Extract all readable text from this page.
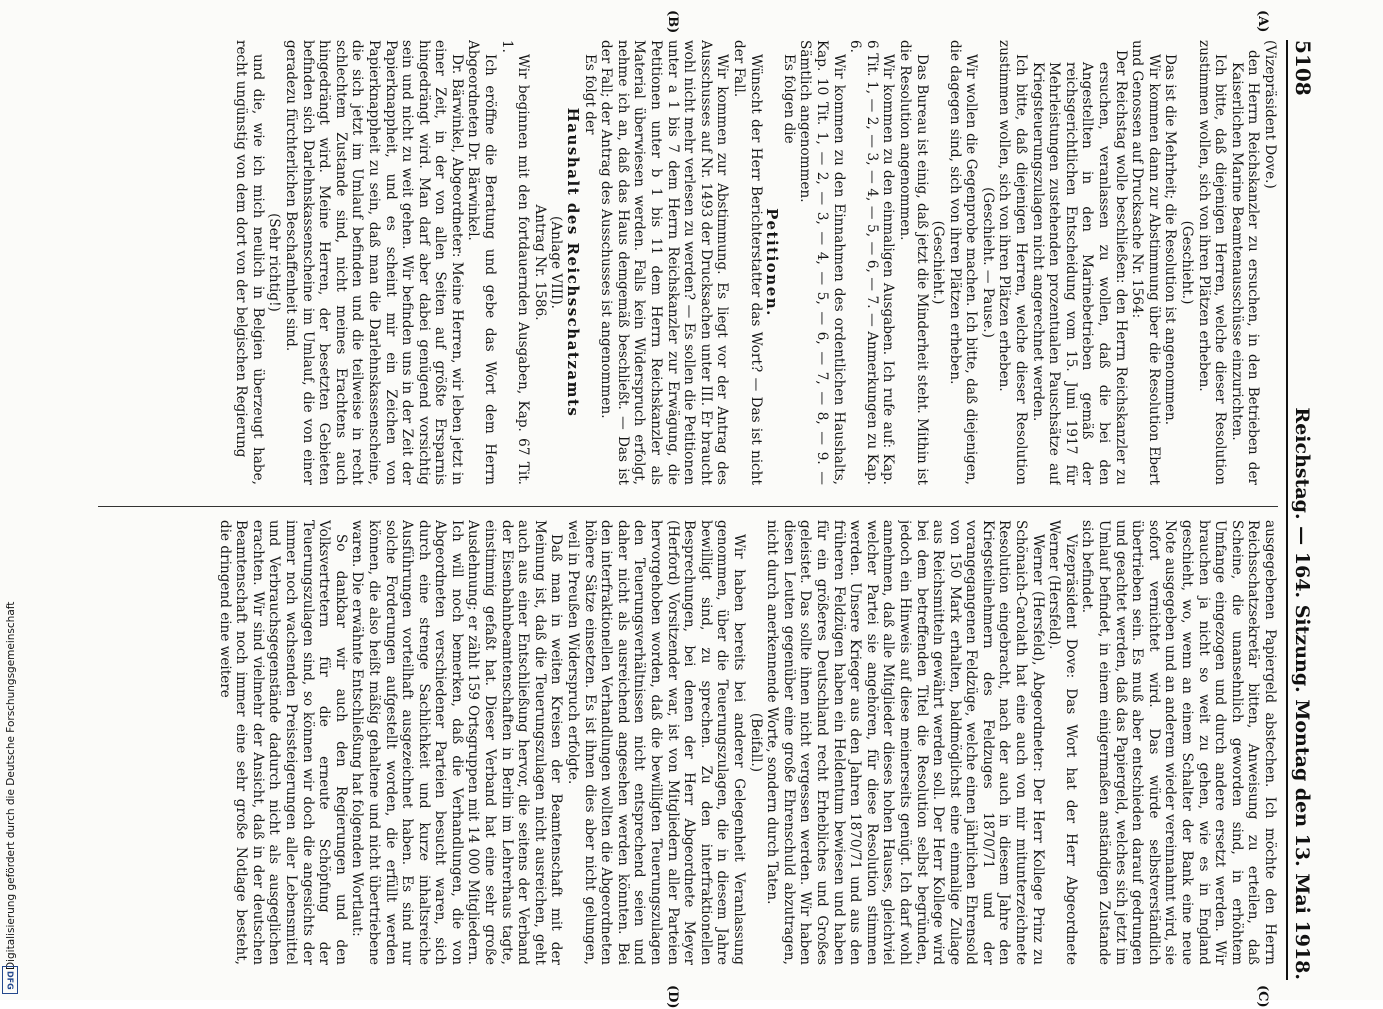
5108
Reichstag. — 164. Sitzung. Montag den 13. Mai 1918.
(A)
(B)
(C)
(D)

(Vizepräsident Dove.)

den Herrn Reichskanzler zu ersuchen, in den Betrieben der Kaiserlichen Marine Beamtenausschüsse einzurichten.

Ich bitte, daß diejenigen Herren, welche dieser Resolution zustimmen wollen, sich von ihren Plätzen erheben.

(Geschieht.)

Das ist die Mehrheit; die Resolution ist angenommen.

Wir kommen dann zur Abstimmung über die Resolution Ebert und Genossen auf Drucksache Nr. 1564:

Der Reichstag wolle beschließen: den Herrn Reichskanzler zu ersuchen, veranlassen zu wollen, daß die bei den Angestellten in den Marinebetrieben gemäß der reichsgerichtlichen Entscheidung vom 15. Juni 1917 für Mehrleistungen zustehenden prozentualen Pauschsätze auf Kriegsteuerungszulagen nicht angerechnet werden.

Ich bitte, daß diejenigen Herren, welche dieser Resolution zustimmen wollen, sich von ihren Plätzen erheben.

(Geschieht. — Pause.)

Wir wollen die Gegenprobe machen. Ich bitte, daß diejenigen, die dagegen sind, sich von ihren Plätzen erheben.

(Geschieht.)

Das Bureau ist einig, daß jetzt die Minderheit steht. Mithin ist die Resolution angenommen.

Wir kommen zu den einmaligen Ausgaben. Ich rufe auf: Kap. 6 Tit. 1, — 2, — 3, — 4, — 5, — 6, — 7. — Anmerkungen zu Kap. 6.

Wir kommen zu den Einnahmen des ordentlichen Haushalts, Kap. 10 Tit. 1, — 2, — 3, — 4, — 5, — 6, — 7, — 8, — 9. — Sämtlich angenommen.

Es folgen die

Petitionen.

Wünscht der Herr Berichterstatter das Wort? — Das ist nicht der Fall.

Wir kommen zur Abstimmung. Es liegt vor der Antrag des Ausschusses auf Nr. 1493 der Drucksachen unter III. Er braucht wohl nicht mehr verlesen zu werden? — Es sollen die Petitionen unter a 1 bis 7 dem Herrn Reichskanzler zur Erwägung, die Petitionen unter b 1 bis 11 dem Herrn Reichskanzler als Material überwiesen werden. Falls kein Widerspruch erfolgt, nehme ich an, daß das Haus demgemäß beschließt. — Das ist der Fall; der Antrag des Ausschusses ist angenommen.

Es folgt der

Haushalt des Reichsschatzamts

(Anlage VIII).

Antrag Nr. 1586.

Wir beginnen mit den fortdauernden Ausgaben, Kap. 67 Tit. 1.

Ich eröffne die Beratung und gebe das Wort dem Herrn Abgeordneten Dr. Bärwinkel.

Dr. Bärwinkel, Abgeordneter: Meine Herren, wir leben jetzt in einer Zeit, in der von allen Seiten auf größte Ersparnis hingedrängt wird. Man darf aber dabei genügend vorsichtig sein und nicht zu weit gehen. Wir befinden uns in der Zeit der Papierknappheit, und es scheint mir ein Zeichen von Papierknappheit zu sein, daß man die Darlehnskassenscheine, die sich jetzt im Umlauf befinden und die teilweise in recht schlechtem Zustande sind, nicht meines Erachtens auch hingedrängt wird. Meine Herren, der besetzten Gebieten befinden sich Darlehnskassenscheine im Umlauf, die von einer geradezu fürchterlichen Beschaffenheit sind.

(Sehr richtig!)

und die, wie ich mich neulich in Belgien überzeugt habe, recht ungünstig von dem dort von der belgischen Regierung

ausgegebenen Papiergeld abstechen. Ich möchte den Herrn Reichsschatzsekretär bitten, Anweisung zu erteilen, daß Scheine, die unansehnlich geworden sind, in erhöhtem Umfange eingezogen und durch andere ersetzt werden. Wir brauchen ja nicht so weit zu gehen, wie es in England geschieht, wo, wenn an einem Schalter der Bank eine neue Note ausgegeben und an anderem wieder vereinnahmt wird, sie sofort vernichtet wird. Das würde selbstverständlich übertrieben sein. Es muß aber entschieden darauf gedrungen und geachtet werden, daß das Papiergeld, welches sich jetzt im Umlauf befindet, in einem einigermaßen anständigen Zustande sich befindet.

Vizepräsident Dove: Das Wort hat der Herr Abgeordnete Werner (Hersfeld).

Werner (Hersfeld), Abgeordneter: Der Herr Kollege Prinz zu Schönaich-Carolath hat eine auch von mir mitunterzeichnete Resolution eingebracht, nach der auch in diesem Jahre den Kriegsteilnehmern des Feldzuges 1870/71 und der vorangegangenen Feldzüge, welche einen jährlichen Ehrensold von 150 Mark erhalten, baldmöglichst eine einmalige Zulage aus Reichsmitteln gewährt werden soll. Der Herr Kollege wird bei dem betreffenden Titel die Resolution selbst begründen, jedoch ein Hinweis auf diese meinerseits genügt. Ich darf wohl annehmen, daß alle Mitglieder dieses hohen Hauses, gleichviel welcher Partei sie angehören, für diese Resolution stimmen werden. Unsere Krieger aus den Jahren 1870/71 und aus den früheren Feldzügen haben ein Heldentum bewiesen und haben für ein größeres Deutschland recht Erhebliches und Großes geleistet. Das sollte ihnen nicht vergessen werden. Wir haben diesen Leuten gegenüber eine große Ehrenschuld abzutragen, nicht durch anerkennende Worte, sondern durch Taten.

(Beifall.)

Wir haben bereits bei anderer Gelegenheit Veranlassung genommen, über die Teuerungszulagen, die in diesem Jahre bewilligt sind, zu sprechen. Zu den interfraktionellen Besprechungen, bei denen der Herr Abgeordnete Meyer (Herford) Vorsitzender war, ist von Mitgliedern aller Parteien hervorgehoben worden, daß die bewilligten Teuerungszulagen den Teuerungsverhältnissen nicht entsprechend seien und daher nicht als ausreichend angesehen werden könnten. Bei den interfraktionellen Verhandlungen wollten die Abgeordneten höhere Sätze einsetzen. Es ist ihnen dies aber nicht gelungen, weil in Preußen Widerspruch erfolgte.

Daß man in weiten Kreisen der Beamtenschaft mit der Meinung ist, daß die Teuerungszulagen nicht ausreichen, geht auch aus einer Entschließung hervor, die seitens der Verband der Eisenbahnbeamtenschaften in Berlin im Lehrerhaus tagte, einstimmig gefaßt hat. Dieser Verband hat eine sehr große Ausdehnung; er zählt 159 Ortsgruppen mit 14 000 Mitgliedern. Ich will noch bemerken, daß die Verhandlungen, die von Abgeordneten verschiedener Parteien besucht waren, sich durch eine strenge Sachlichkeit und kurze inhaltsreiche Ausführungen vorteilhaft ausgezeichnet haben. Es sind nur solche Forderungen aufgestellt worden, die erfüllt werden können, die also heißt mäßig gehaltene und nicht übertriebene waren. Die erwähnte Entschließung hat folgenden Wortlaut:

So dankbar wir auch den Regierungen und den Volksvertretern für die erneute Schöpfung der Teuerungszulagen sind, so können wir doch die angesichts der immer noch wachsenden Preissteigerungen aller Lebensmittel und Verbrauchsgegenstände dadurch nicht als ausgeglichen erachten. Wir sind vielmehr der Ansicht, daß in der deutschen Beamtenschaft noch immer eine sehr große Notlage besteht, die dringend eine weitere

Digitalisierung gefördert durch die Deutsche Forschungsgemeinschaft
DFG
